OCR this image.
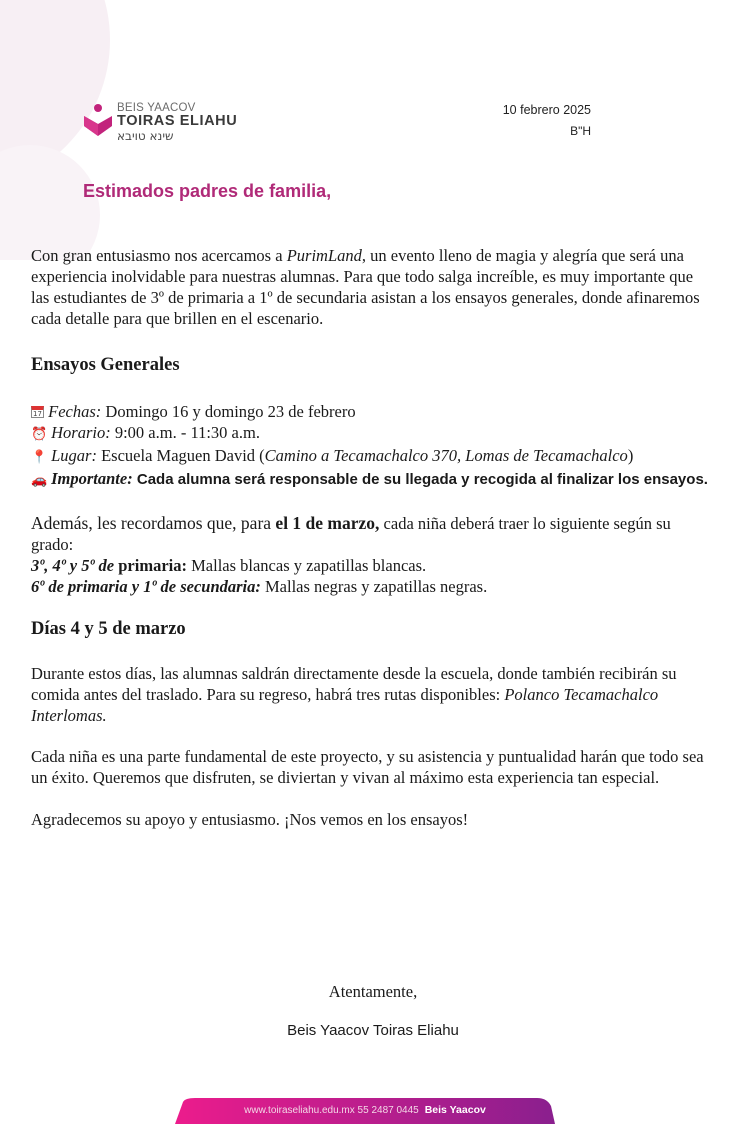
BEIS YAACOV
TOIRAS ELIAHU
שינא טויבא
10 febrero 2025
B"H
Estimados padres de familia,

Con gran entusiasmo nos acercamos a PurimLand, un evento lleno de magia y alegría que será una experiencia inolvidable para nuestras alumnas. Para que todo salga increíble, es muy importante que las estudiantes de 3º de primaria a 1º de secundaria asistan a los ensayos generales, donde afinaremos cada detalle para que brillen en el escenario.

Ensayos Generales

17 Fechas: Domingo 16 y domingo 23 de febrero

⏰ Horario: 9:00 a.m. - 11:30 a.m.

📍 Lugar: Escuela Maguen David (Camino a Tecamachalco 370, Lomas de Tecamachalco)

🚗 Importante: Cada alumna será responsable de su llegada y recogida al finalizar los ensayos.

Además, les recordamos que, para el 1 de marzo, cada niña deberá traer lo siguiente según su grado:

3º, 4º y 5º de primaria: Mallas blancas y zapatillas blancas.

6º de primaria y 1º de secundaria: Mallas negras y zapatillas negras.

Días 4 y 5 de marzo

Durante estos días, las alumnas saldrán directamente desde la escuela, donde también recibirán su comida antes del traslado. Para su regreso, habrá tres rutas disponibles: Polanco Tecamachalco Interlomas.

Cada niña es una parte fundamental de este proyecto, y su asistencia y puntualidad harán que todo sea un éxito. Queremos que disfruten, se diviertan y vivan al máximo esta experiencia tan especial.

Agradecemos su apoyo y entusiasmo. ¡Nos vemos en los ensayos!

Atentamente,
Beis Yaacov Toiras Eliahu
www.toiraseliahu.edu.mx 55 2487 0445 Beis Yaacov
